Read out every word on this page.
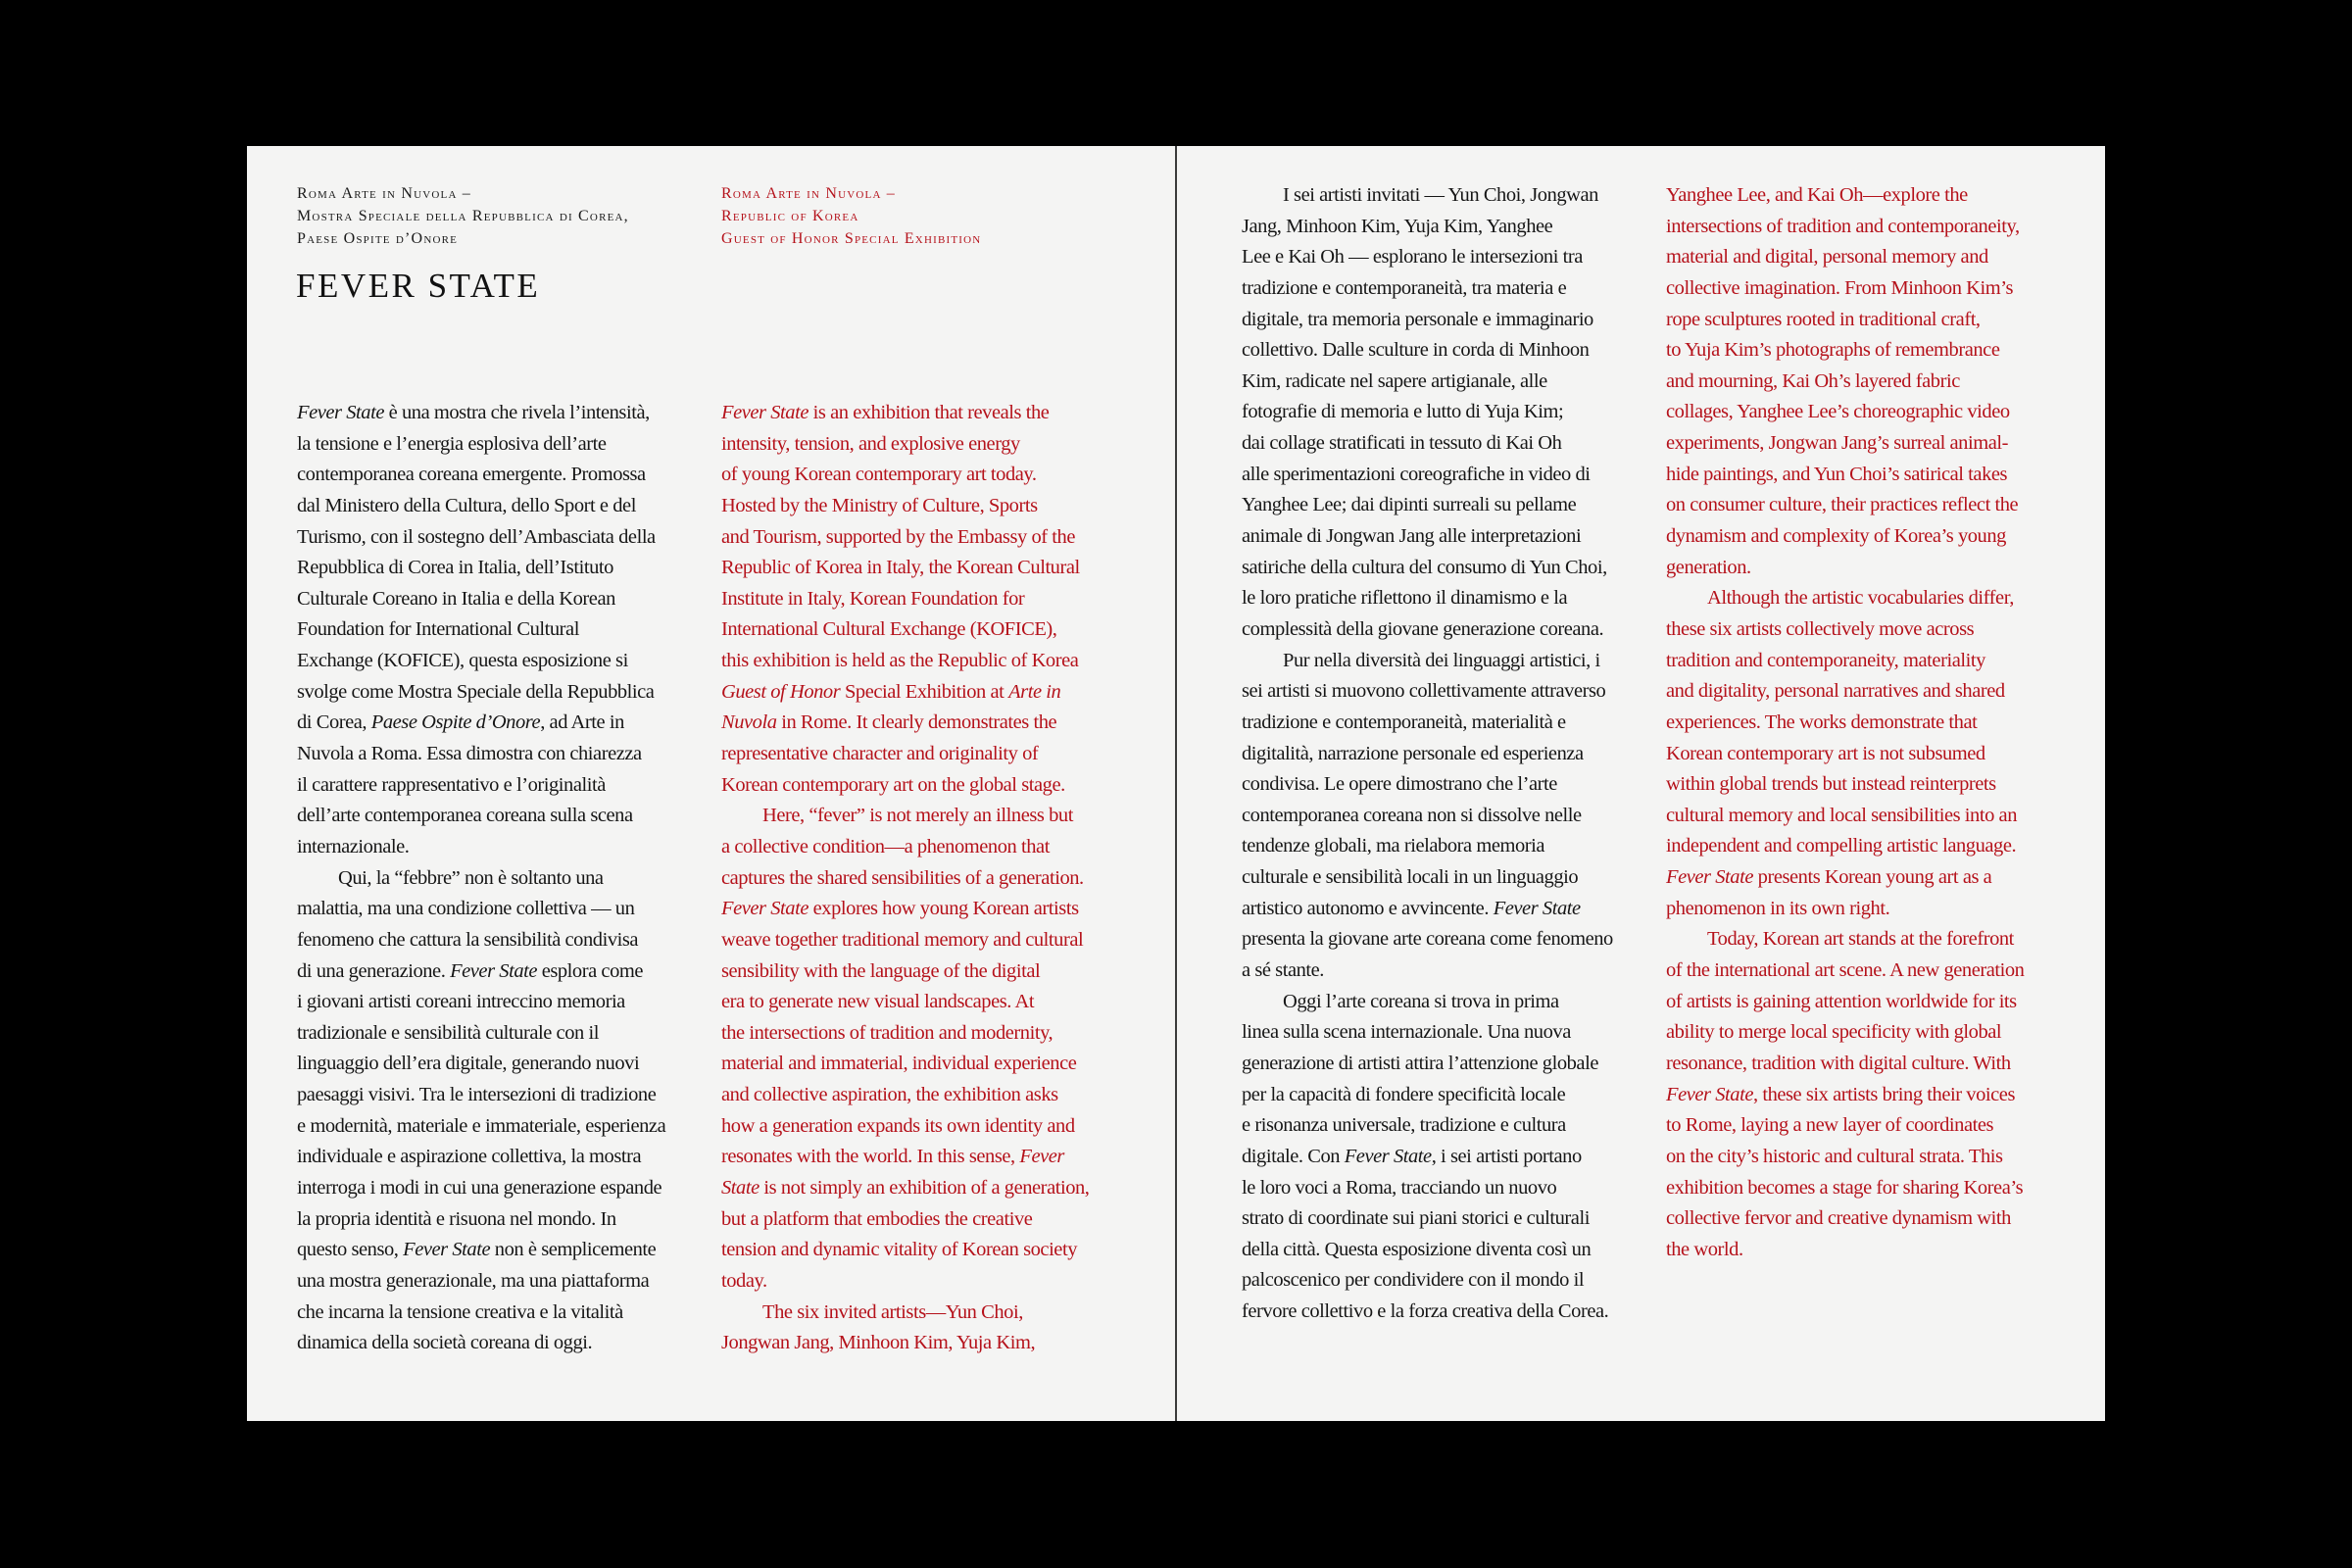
Roma Arte in Nuvola –
Mostra Speciale della Repubblica di Corea,
Paese Ospite d’Onore
Roma Arte in Nuvola –
Republic of Korea
Guest of Honor Special Exhibition
FEVER STATE
Fever State è una mostra che rivela l’intensità,
la tensione e l’energia esplosiva dell’arte
contemporanea coreana emergente. Promossa
dal Ministero della Cultura, dello Sport e del
Turismo, con il sostegno dell’Ambasciata della
Repubblica di Corea in Italia, dell’Istituto
Culturale Coreano in Italia e della Korean
Foundation for International Cultural
Exchange (KOFICE), questa esposizione si
svolge come Mostra Speciale della Repubblica
di Corea, Paese Ospite d’Onore, ad Arte in
Nuvola a Roma. Essa dimostra con chiarezza
il carattere rappresentativo e l’originalità
dell’arte contemporanea coreana sulla scena
internazionale.
Qui, la “febbre” non è soltanto una
malattia, ma una condizione collettiva — un
fenomeno che cattura la sensibilità condivisa
di una generazione. Fever State esplora come
i giovani artisti coreani intreccino memoria
tradizionale e sensibilità culturale con il
linguaggio dell’era digitale, generando nuovi
paesaggi visivi. Tra le intersezioni di tradizione
e modernità, materiale e immateriale, esperienza
individuale e aspirazione collettiva, la mostra
interroga i modi in cui una generazione espande
la propria identità e risuona nel mondo. In
questo senso, Fever State non è semplicemente
una mostra generazionale, ma una piattaforma
che incarna la tensione creativa e la vitalità
dinamica della società coreana di oggi.
Fever State is an exhibition that reveals the
intensity, tension, and explosive energy
of young Korean contemporary art today.
Hosted by the Ministry of Culture, Sports
and Tourism, supported by the Embassy of the
Republic of Korea in Italy, the Korean Cultural
Institute in Italy, Korean Foundation for
International Cultural Exchange (KOFICE),
this exhibition is held as the Republic of Korea
Guest of Honor Special Exhibition at Arte in
Nuvola in Rome. It clearly demonstrates the
representative character and originality of
Korean contemporary art on the global stage.
Here, “fever” is not merely an illness but
a collective condition—a phenomenon that
captures the shared sensibilities of a generation.
Fever State explores how young Korean artists
weave together traditional memory and cultural
sensibility with the language of the digital
era to generate new visual landscapes. At
the intersections of tradition and modernity,
material and immaterial, individual experience
and collective aspiration, the exhibition asks
how a generation expands its own identity and
resonates with the world. In this sense, Fever
State is not simply an exhibition of a generation,
but a platform that embodies the creative
tension and dynamic vitality of Korean society
today.
The six invited artists—Yun Choi,
Jongwan Jang, Minhoon Kim, Yuja Kim,
I sei artisti invitati — Yun Choi, Jongwan
Jang, Minhoon Kim, Yuja Kim, Yanghee
Lee e Kai Oh — esplorano le intersezioni tra
tradizione e contemporaneità, tra materia e
digitale, tra memoria personale e immaginario
collettivo. Dalle sculture in corda di Minhoon
Kim, radicate nel sapere artigianale, alle
fotografie di memoria e lutto di Yuja Kim;
dai collage stratificati in tessuto di Kai Oh
alle sperimentazioni coreografiche in video di
Yanghee Lee; dai dipinti surreali su pellame
animale di Jongwan Jang alle interpretazioni
satiriche della cultura del consumo di Yun Choi,
le loro pratiche riflettono il dinamismo e la
complessità della giovane generazione coreana.
Pur nella diversità dei linguaggi artistici, i
sei artisti si muovono collettivamente attraverso
tradizione e contemporaneità, materialità e
digitalità, narrazione personale ed esperienza
condivisa. Le opere dimostrano che l’arte
contemporanea coreana non si dissolve nelle
tendenze globali, ma rielabora memoria
culturale e sensibilità locali in un linguaggio
artistico autonomo e avvincente. Fever State
presenta la giovane arte coreana come fenomeno
a sé stante.
Oggi l’arte coreana si trova in prima
linea sulla scena internazionale. Una nuova
generazione di artisti attira l’attenzione globale
per la capacità di fondere specificità locale
e risonanza universale, tradizione e cultura
digitale. Con Fever State, i sei artisti portano
le loro voci a Roma, tracciando un nuovo
strato di coordinate sui piani storici e culturali
della città. Questa esposizione diventa così un
palcoscenico per condividere con il mondo il
fervore collettivo e la forza creativa della Corea.
Yanghee Lee, and Kai Oh—explore the
intersections of tradition and contemporaneity,
material and digital, personal memory and
collective imagination. From Minhoon Kim’s
rope sculptures rooted in traditional craft,
to Yuja Kim’s photographs of remembrance
and mourning, Kai Oh’s layered fabric
collages, Yanghee Lee’s choreographic video
experiments, Jongwan Jang’s surreal animal-
hide paintings, and Yun Choi’s satirical takes
on consumer culture, their practices reflect the
dynamism and complexity of Korea’s young
generation.
Although the artistic vocabularies differ,
these six artists collectively move across
tradition and contemporaneity, materiality
and digitality, personal narratives and shared
experiences. The works demonstrate that
Korean contemporary art is not subsumed
within global trends but instead reinterprets
cultural memory and local sensibilities into an
independent and compelling artistic language.
Fever State presents Korean young art as a
phenomenon in its own right.
Today, Korean art stands at the forefront
of the international art scene. A new generation
of artists is gaining attention worldwide for its
ability to merge local specificity with global
resonance, tradition with digital culture. With
Fever State, these six artists bring their voices
to Rome, laying a new layer of coordinates
on the city’s historic and cultural strata. This
exhibition becomes a stage for sharing Korea’s
collective fervor and creative dynamism with
the world.
